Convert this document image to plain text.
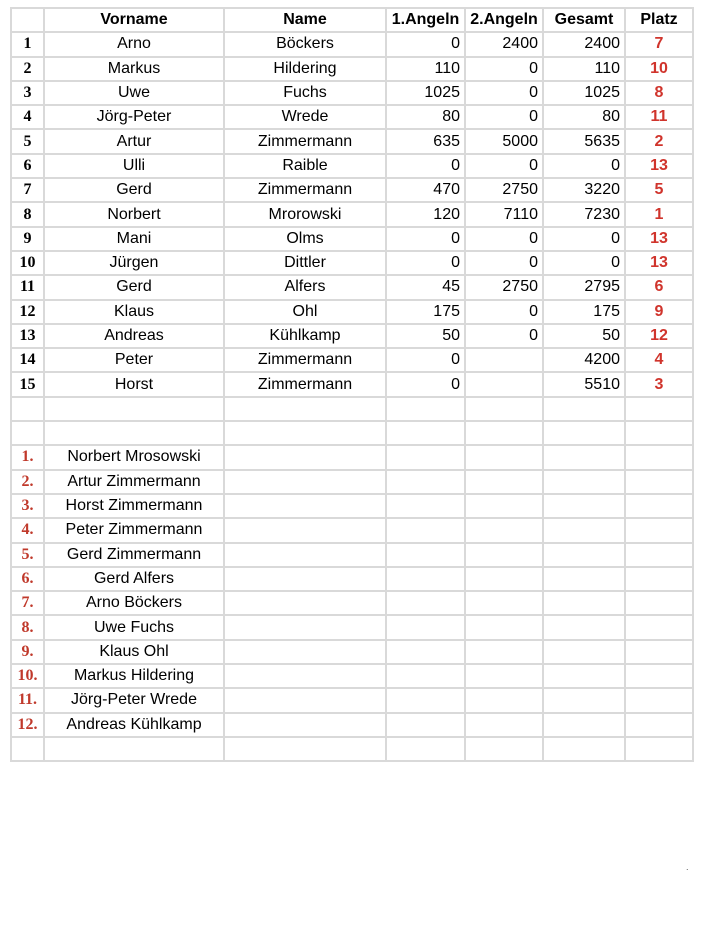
	Vorname	Name	1.Angeln	2.Angeln	Gesamt	Platz
1	Arno	Böckers	0	2400	2400	7
2	Markus	Hildering	110	0	110	10
3	Uwe	Fuchs	1025	0	1025	8
4	Jörg-Peter	Wrede	80	0	80	11
5	Artur	Zimmermann	635	5000	5635	2
6	Ulli	Raible	0	0	0	13
7	Gerd	Zimmermann	470	2750	3220	5
8	Norbert	Mrorowski	120	7110	7230	1
9	Mani	Olms	0	0	0	13
10	Jürgen	Dittler	0	0	0	13
11	Gerd	Alfers	45	2750	2795	6
12	Klaus	Ohl	175	0	175	9
13	Andreas	Kühlkamp	50	0	50	12
14	Peter	Zimmermann	0		4200	4
15	Horst	Zimmermann	0		5510	3

1.	Norbert Mrosowski					
2.	Artur Zimmermann					
3.	Horst Zimmermann					
4.	Peter Zimmermann					
5.	Gerd Zimmermann					
6.	Gerd Alfers					
7.	Arno Böckers					
8.	Uwe Fuchs					
9.	Klaus Ohl					
10.	Markus Hildering					
11.	Jörg-Peter Wrede					
12.	Andreas Kühlkamp					

.
